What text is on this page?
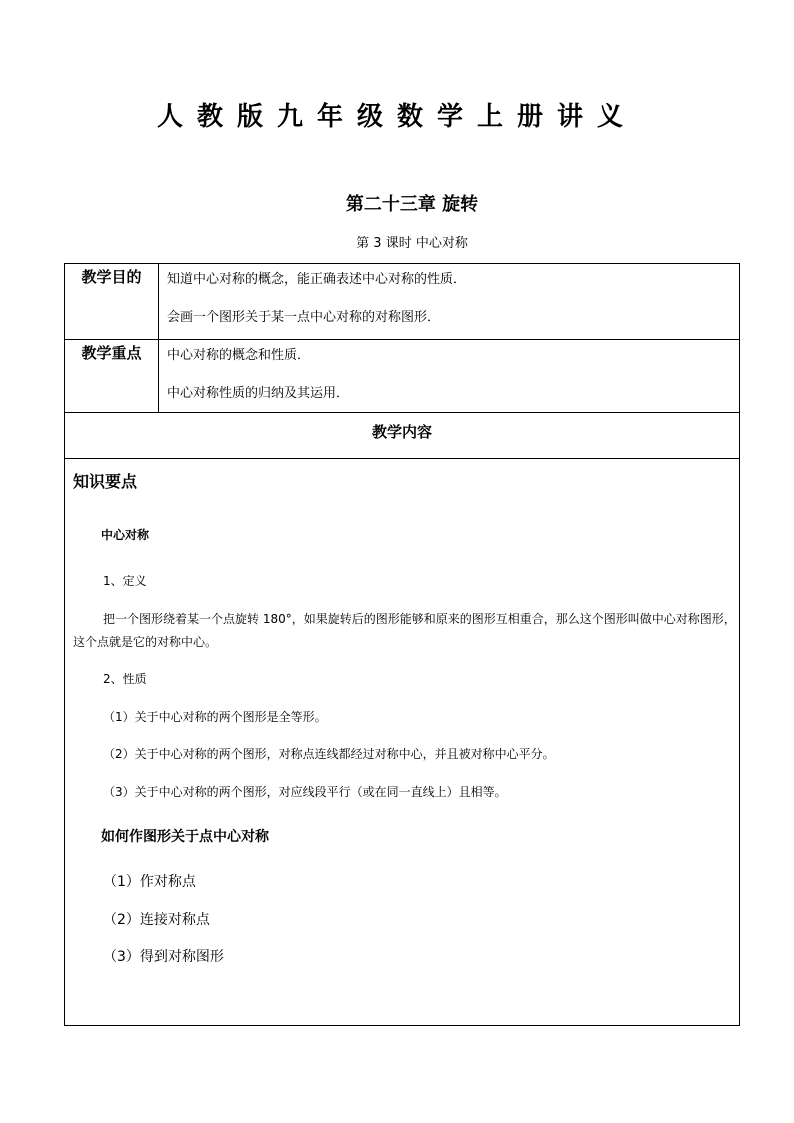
人教版九年级数学上册讲义
第二十三章 旋转
第 3 课时 中心对称
教学目的	知道中心对称的概念，能正确表述中心对称的性质．
会画一个图形关于某一点中心对称的对称图形．
教学重点	中心对称的概念和性质．
中心对称性质的归纳及其运用．
教学内容
知识要点
中心对称
1、定义
把一个图形绕着某一个点旋转 180°，如果旋转后的图形能够和原来的图形互相重合，那么这个图形叫做中心对称图形，
这个点就是它的对称中心。
2、性质
（1）关于中心对称的两个图形是全等形。
（2）关于中心对称的两个图形，对称点连线都经过对称中心，并且被对称中心平分。
（3）关于中心对称的两个图形，对应线段平行（或在同一直线上）且相等。
如何作图形关于点中心对称
（1）作对称点
（2）连接对称点
（3）得到对称图形
